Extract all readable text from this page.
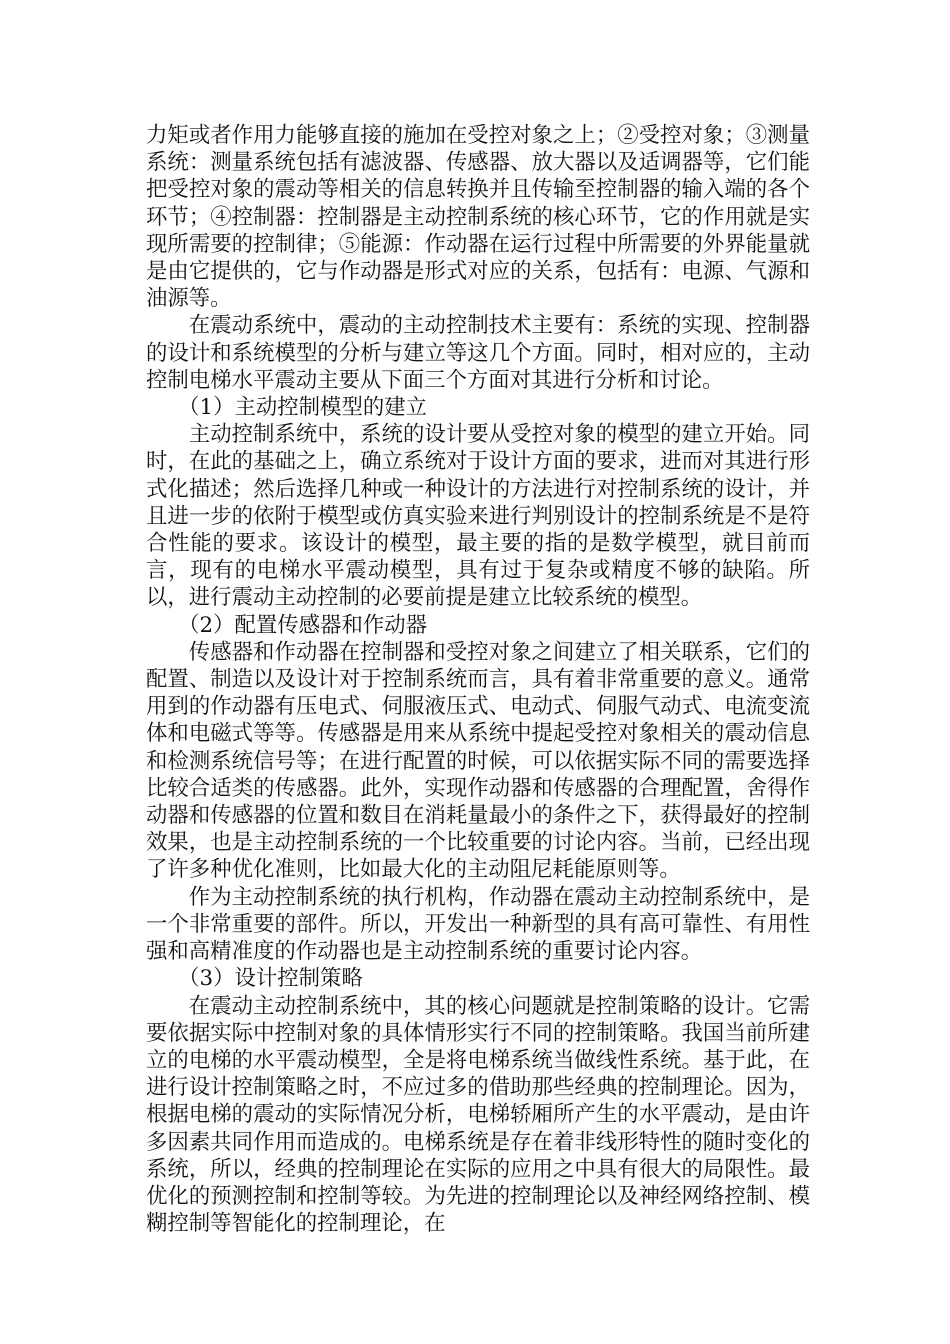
力矩或者作用力能够直接的施加在受控对象之上；②受控对象；③测量系统：测量系统包括有滤波器、传感器、放大器以及适调器等，它们能把受控对象的震动等相关的信息转换并且传输至控制器的输入端的各个环节；④控制器：控制器是主动控制系统的核心环节，它的作用就是实现所需要的控制律；⑤能源：作动器在运行过程中所需要的外界能量就是由它提供的，它与作动器是形式对应的关系，包括有：电源、气源和油源等。

在震动系统中，震动的主动控制技术主要有：系统的实现、控制器的设计和系统模型的分析与建立等这几个方面。同时，相对应的，主动控制电梯水平震动主要从下面三个方面对其进行分析和讨论。

（1）主动控制模型的建立

主动控制系统中，系统的设计要从受控对象的模型的建立开始。同时，在此的基础之上，确立系统对于设计方面的要求，进而对其进行形式化描述；然后选择几种或一种设计的方法进行对控制系统的设计，并且进一步的依附于模型或仿真实验来进行判别设计的控制系统是不是符合性能的要求。该设计的模型，最主要的指的是数学模型，就目前而言，现有的电梯水平震动模型，具有过于复杂或精度不够的缺陷。所以，进行震动主动控制的必要前提是建立比较系统的模型。

（2）配置传感器和作动器

传感器和作动器在控制器和受控对象之间建立了相关联系，它们的配置、制造以及设计对于控制系统而言，具有着非常重要的意义。通常用到的作动器有压电式、伺服液压式、电动式、伺服气动式、电流变流体和电磁式等等。传感器是用来从系统中提起受控对象相关的震动信息和检测系统信号等；在进行配置的时候，可以依据实际不同的需要选择比较合适类的传感器。此外，实现作动器和传感器的合理配置，舍得作动器和传感器的位置和数目在消耗量最小的条件之下，获得最好的控制效果，也是主动控制系统的一个比较重要的讨论内容。当前，已经出现了许多种优化准则，比如最大化的主动阻尼耗能原则等。

作为主动控制系统的执行机构，作动器在震动主动控制系统中，是一个非常重要的部件。所以，开发出一种新型的具有高可靠性、有用性强和高精准度的作动器也是主动控制系统的重要讨论内容。

（3）设计控制策略

在震动主动控制系统中，其的核心问题就是控制策略的设计。它需要依据实际中控制对象的具体情形实行不同的控制策略。我国当前所建立的电梯的水平震动模型，全是将电梯系统当做线性系统。基于此，在进行设计控制策略之时，不应过多的借助那些经典的控制理论。因为，根据电梯的震动的实际情况分析，电梯轿厢所产生的水平震动，是由许多因素共同作用而造成的。电梯系统是存在着非线形特性的随时变化的系统，所以，经典的控制理论在实际的应用之中具有很大的局限性。最优化的预测控制和控制等较。为先进的控制理论以及神经网络控制、模糊控制等智能化的控制理论，在
